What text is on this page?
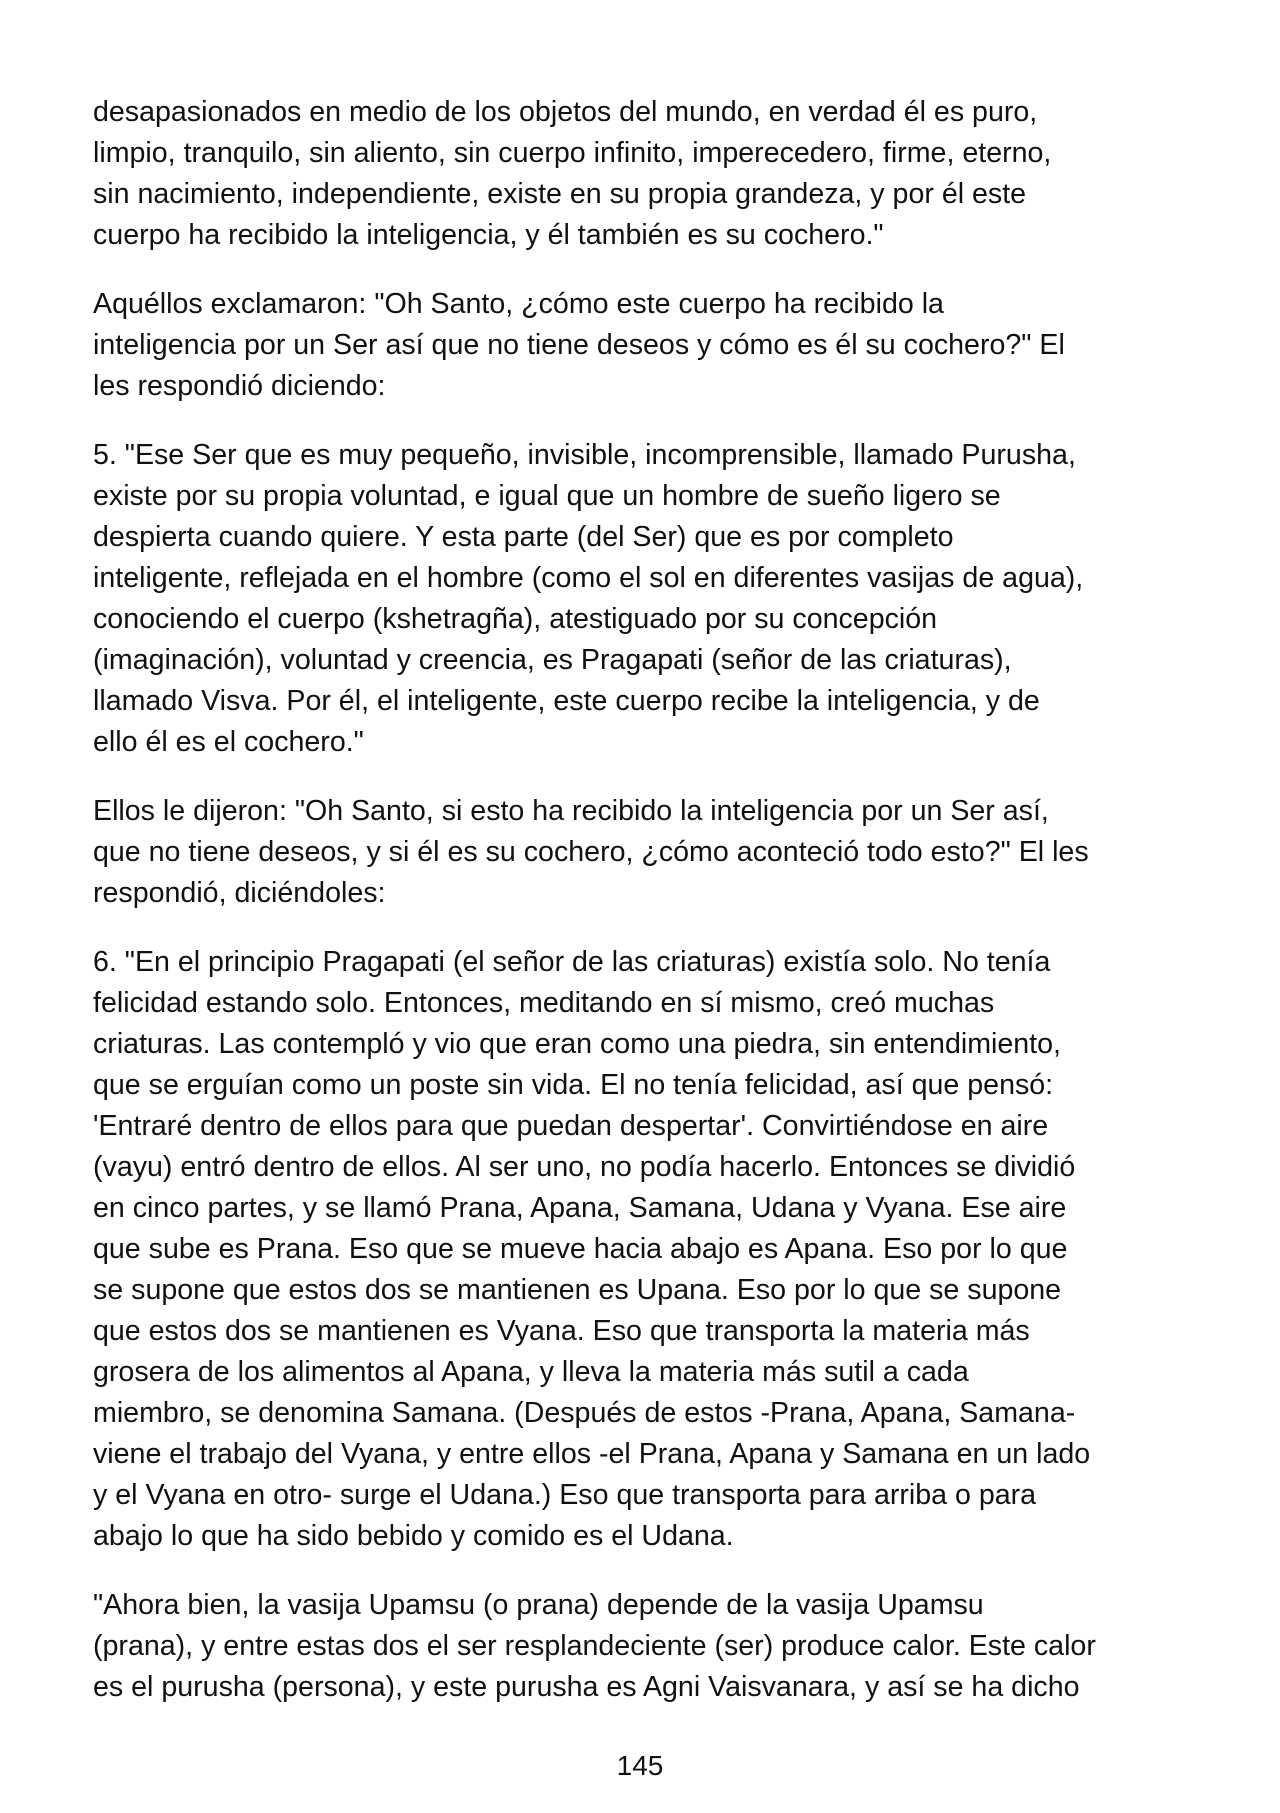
desapasionados en medio de los objetos del mundo, en verdad él es puro,
limpio, tranquilo, sin aliento, sin cuerpo infinito, imperecedero, firme, eterno,
sin nacimiento, independiente, existe en su propia grandeza, y por él este
cuerpo ha recibido la inteligencia, y él también es su cochero."

Aquéllos exclamaron: "Oh Santo, ¿cómo este cuerpo ha recibido la
inteligencia por un Ser así que no tiene deseos y cómo es él su cochero?" El
les respondió diciendo:

5. "Ese Ser que es muy pequeño, invisible, incomprensible, llamado Purusha,
existe por su propia voluntad, e igual que un hombre de sueño ligero se
despierta cuando quiere. Y esta parte (del Ser) que es por completo
inteligente, reflejada en el hombre (como el sol en diferentes vasijas de agua),
conociendo el cuerpo (kshetragña), atestiguado por su concepción
(imaginación), voluntad y creencia, es Pragapati (señor de las criaturas),
llamado Visva. Por él, el inteligente, este cuerpo recibe la inteligencia, y de
ello él es el cochero."

Ellos le dijeron: "Oh Santo, si esto ha recibido la inteligencia por un Ser así,
que no tiene deseos, y si él es su cochero, ¿cómo aconteció todo esto?" El les
respondió, diciéndoles:

6. "En el principio Pragapati (el señor de las criaturas) existía solo. No tenía
felicidad estando solo. Entonces, meditando en sí mismo, creó muchas
criaturas. Las contempló y vio que eran como una piedra, sin entendimiento,
que se erguían como un poste sin vida. El no tenía felicidad, así que pensó:
'Entraré dentro de ellos para que puedan despertar'. Convirtiéndose en aire
(vayu) entró dentro de ellos. Al ser uno, no podía hacerlo. Entonces se dividió
en cinco partes, y se llamó Prana, Apana, Samana, Udana y Vyana. Ese aire
que sube es Prana. Eso que se mueve hacia abajo es Apana. Eso por lo que
se supone que estos dos se mantienen es Upana. Eso por lo que se supone
que estos dos se mantienen es Vyana. Eso que transporta la materia más
grosera de los alimentos al Apana, y lleva la materia más sutil a cada
miembro, se denomina Samana. (Después de estos -Prana, Apana, Samana-
viene el trabajo del Vyana, y entre ellos -el Prana, Apana y Samana en un lado
y el Vyana en otro- surge el Udana.) Eso que transporta para arriba o para
abajo lo que ha sido bebido y comido es el Udana.

"Ahora bien, la vasija Upamsu (o prana) depende de la vasija Upamsu
(prana), y entre estas dos el ser resplandeciente (ser) produce calor. Este calor
es el purusha (persona), y este purusha es Agni Vaisvanara, y así se ha dicho

145
